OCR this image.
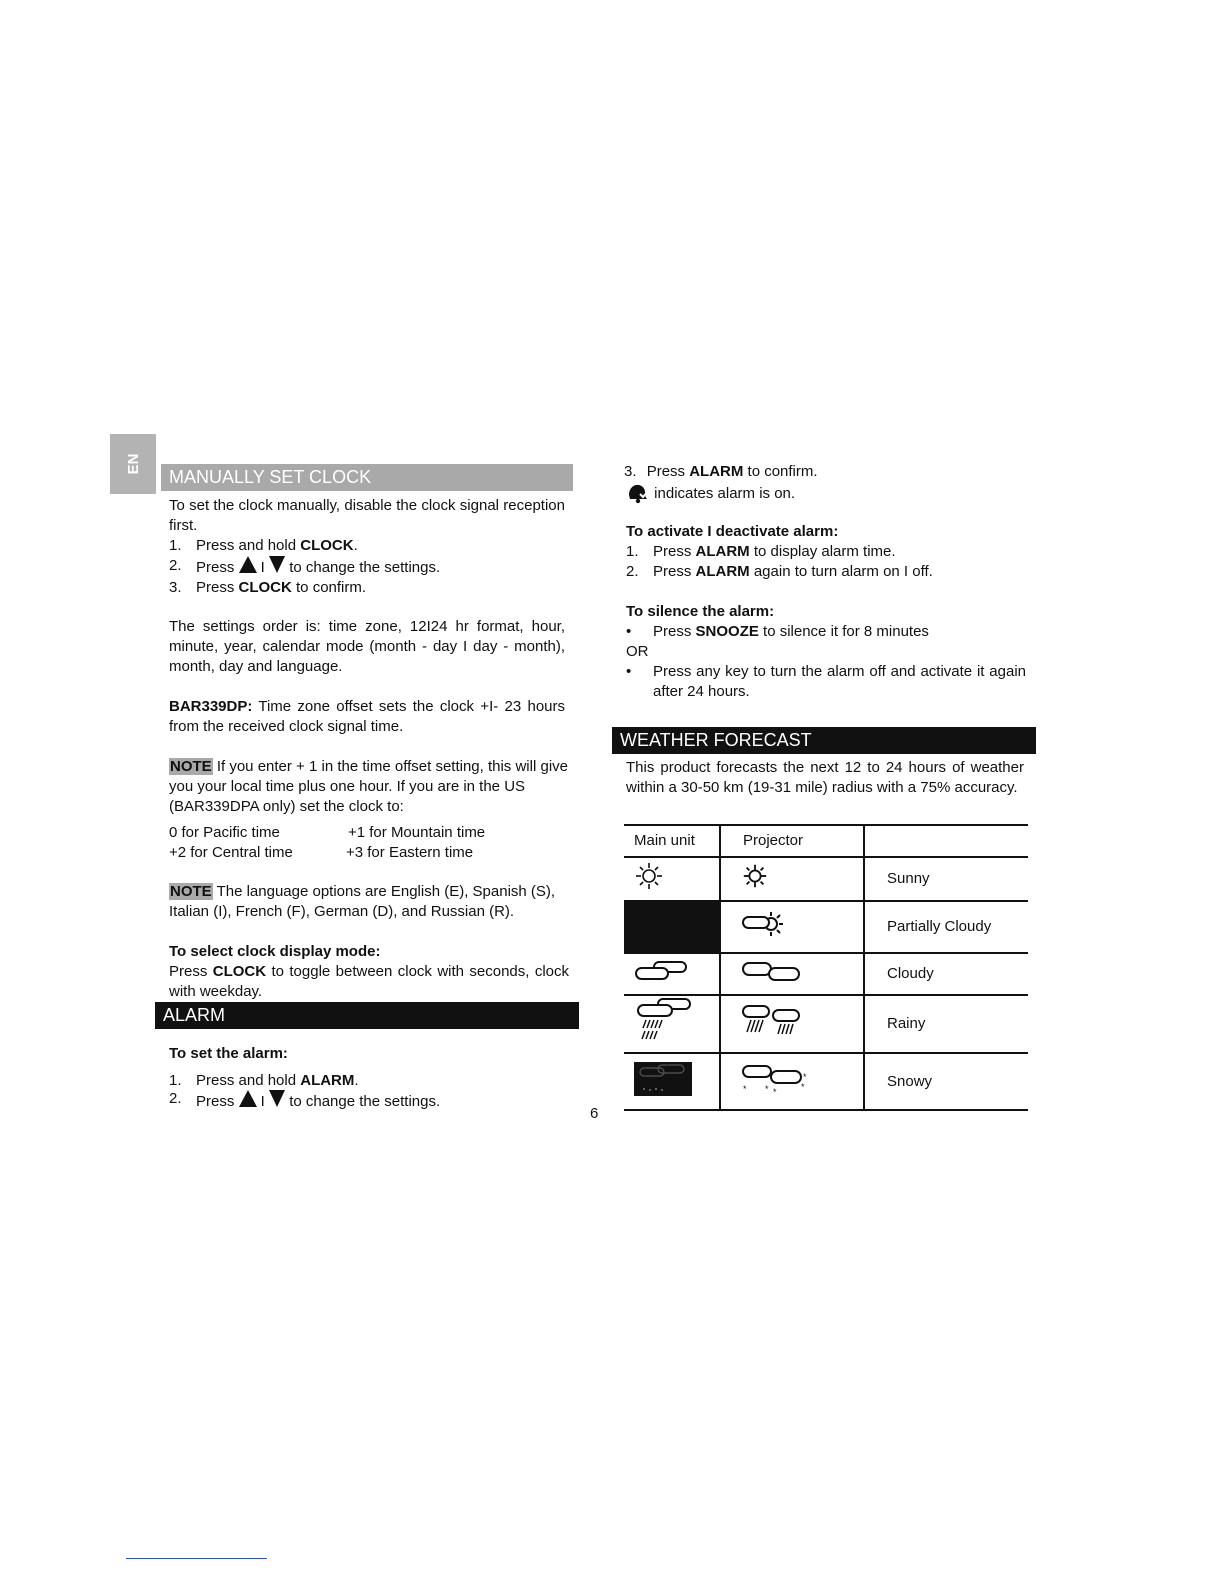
EN
MANUALLY SET CLOCK

To set the clock manually, disable the clock signal reception first.

1. Press and hold CLOCK.
2. Press  I  to change the settings.
3. Press CLOCK to confirm.

The settings order is: time zone, 12I24 hr format, hour, minute, year, calendar mode (month - day I day - month), month, day and language.

BAR339DP: Time zone offset sets the clock +I- 23 hours from the received clock signal time.

NOTE If you enter + 1 in the time offset setting, this will give you your local time plus one hour. If you are in the US (BAR339DPA only) set the clock to:

0 for Pacific time	+1 for Mountain time
+2 for Central time	+3 for Eastern time

NOTE The language options are English (E), Spanish (S), Italian (I), French (F), German (D), and Russian (R).

To select clock display mode:
Press CLOCK to toggle between clock with seconds, clock with weekday.
ALARM
To set the alarm:
1. Press and hold ALARM.
2. Press  I  to change the settings.
6
3. Press ALARM to confirm.
indicates alarm is on.
To activate I deactivate alarm:
1. Press ALARM to display alarm time.
2. Press ALARM again to turn alarm on I off.
To silence the alarm:
• Press SNOOZE to silence it for 8 minutes
OR
• Press any key to turn the alarm off and activate it again after 24 hours.
WEATHER FORECAST

This product forecasts the next 12 to 24 hours of weather within a 30-50 km (19-31 mile) radius with a 75% accuracy.

Main unit	Projector	
		Sunny

		Partially Cloudy
		Cloudy
		Rainy

* * *
*
*	Snowy
